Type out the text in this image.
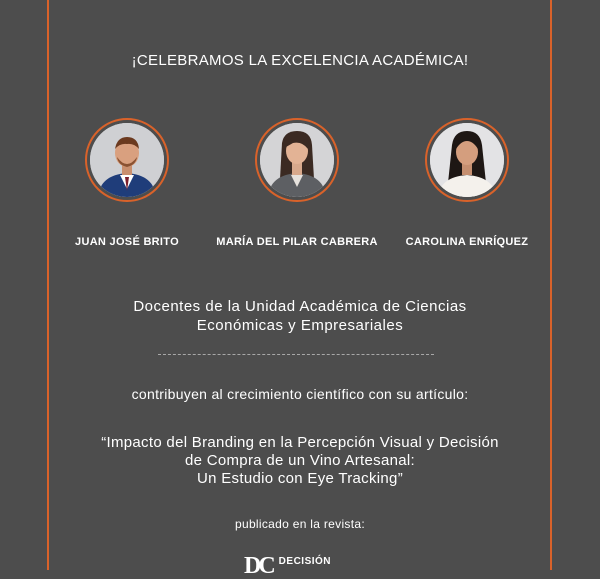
¡CELEBRAMOS LA EXCELENCIA ACADÉMICA!
JUAN JOSÉ BRITO	MARÍA DEL PILAR CABRERA	CAROLINA ENRÍQUEZ
Docentes de la Unidad Académica de Ciencias
Económicas y Empresariales
contribuyen al crecimiento científico con su artículo:
“Impacto del Branding en la Percepción Visual y Decisión
de Compra de un Vino Artesanal:
Un Estudio con Eye Tracking”
publicado en la revista:
DC DECISIÓN
